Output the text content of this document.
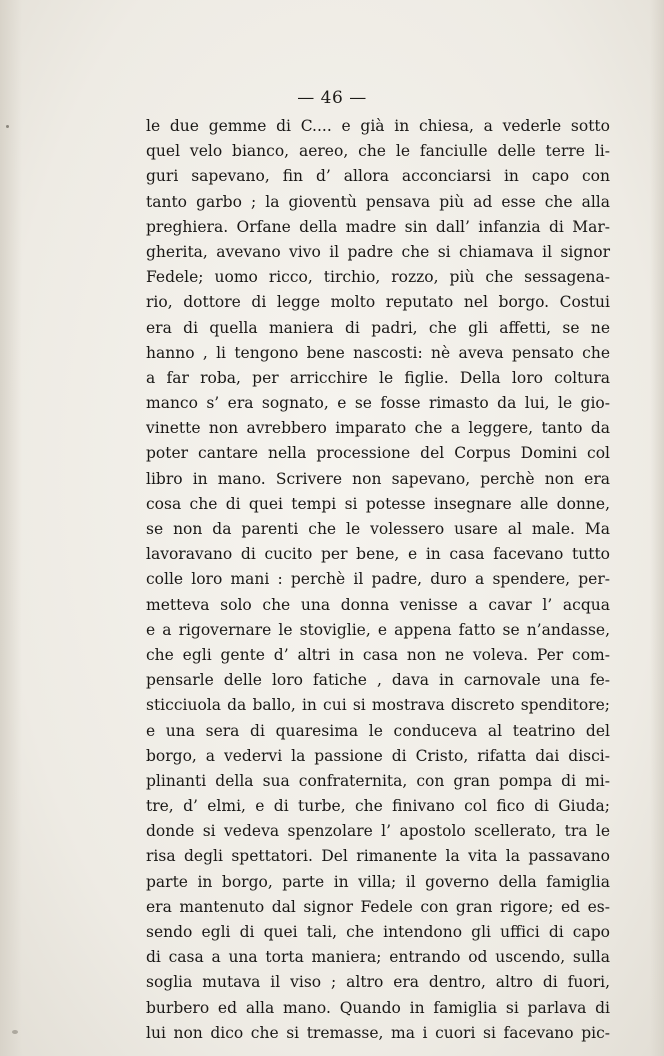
— 46 —
le due gemme di C.... e già in chiesa, a vederle sotto
quel velo bianco, aereo, che le fanciulle delle terre li-
guri sapevano, fin d’ allora acconciarsi in capo con
tanto garbo ; la gioventù pensava più ad esse che alla
preghiera. Orfane della madre sin dall’ infanzia di Mar-
gherita, avevano vivo il padre che si chiamava il signor
Fedele; uomo ricco, tirchio, rozzo, più che sessagena-
rio, dottore di legge molto reputato nel borgo. Costui
era di quella maniera di padri, che gli affetti, se ne
hanno , li tengono bene nascosti: nè aveva pensato che
a far roba, per arricchire le figlie. Della loro coltura
manco s’ era sognato, e se fosse rimasto da lui, le gio-
vinette non avrebbero imparato che a leggere, tanto da
poter cantare nella processione del Corpus Domini col
libro in mano. Scrivere non sapevano, perchè non era
cosa che di quei tempi si potesse insegnare alle donne,
se non da parenti che le volessero usare al male. Ma
lavoravano di cucito per bene, e in casa facevano tutto
colle loro mani : perchè il padre, duro a spendere, per-
metteva solo che una donna venisse a cavar l’ acqua
e a rigovernare le stoviglie, e appena fatto se n’andasse,
che egli gente d’ altri in casa non ne voleva. Per com-
pensarle delle loro fatiche , dava in carnovale una fe-
sticciuola da ballo, in cui si mostrava discreto spenditore;
e una sera di quaresima le conduceva al teatrino del
borgo, a vedervi la passione di Cristo, rifatta dai disci-
plinanti della sua confraternita, con gran pompa di mi-
tre, d’ elmi, e di turbe, che finivano col fico di Giuda;
donde si vedeva spenzolare l’ apostolo scellerato, tra le
risa degli spettatori. Del rimanente la vita la passavano
parte in borgo, parte in villa; il governo della famiglia
era mantenuto dal signor Fedele con gran rigore; ed es-
sendo egli di quei tali, che intendono gli uffici di capo
di casa a una torta maniera; entrando od uscendo, sulla
soglia mutava il viso ; altro era dentro, altro di fuori,
burbero ed alla mano. Quando in famiglia si parlava di
lui non dico che si tremasse, ma i cuori si facevano pic-
